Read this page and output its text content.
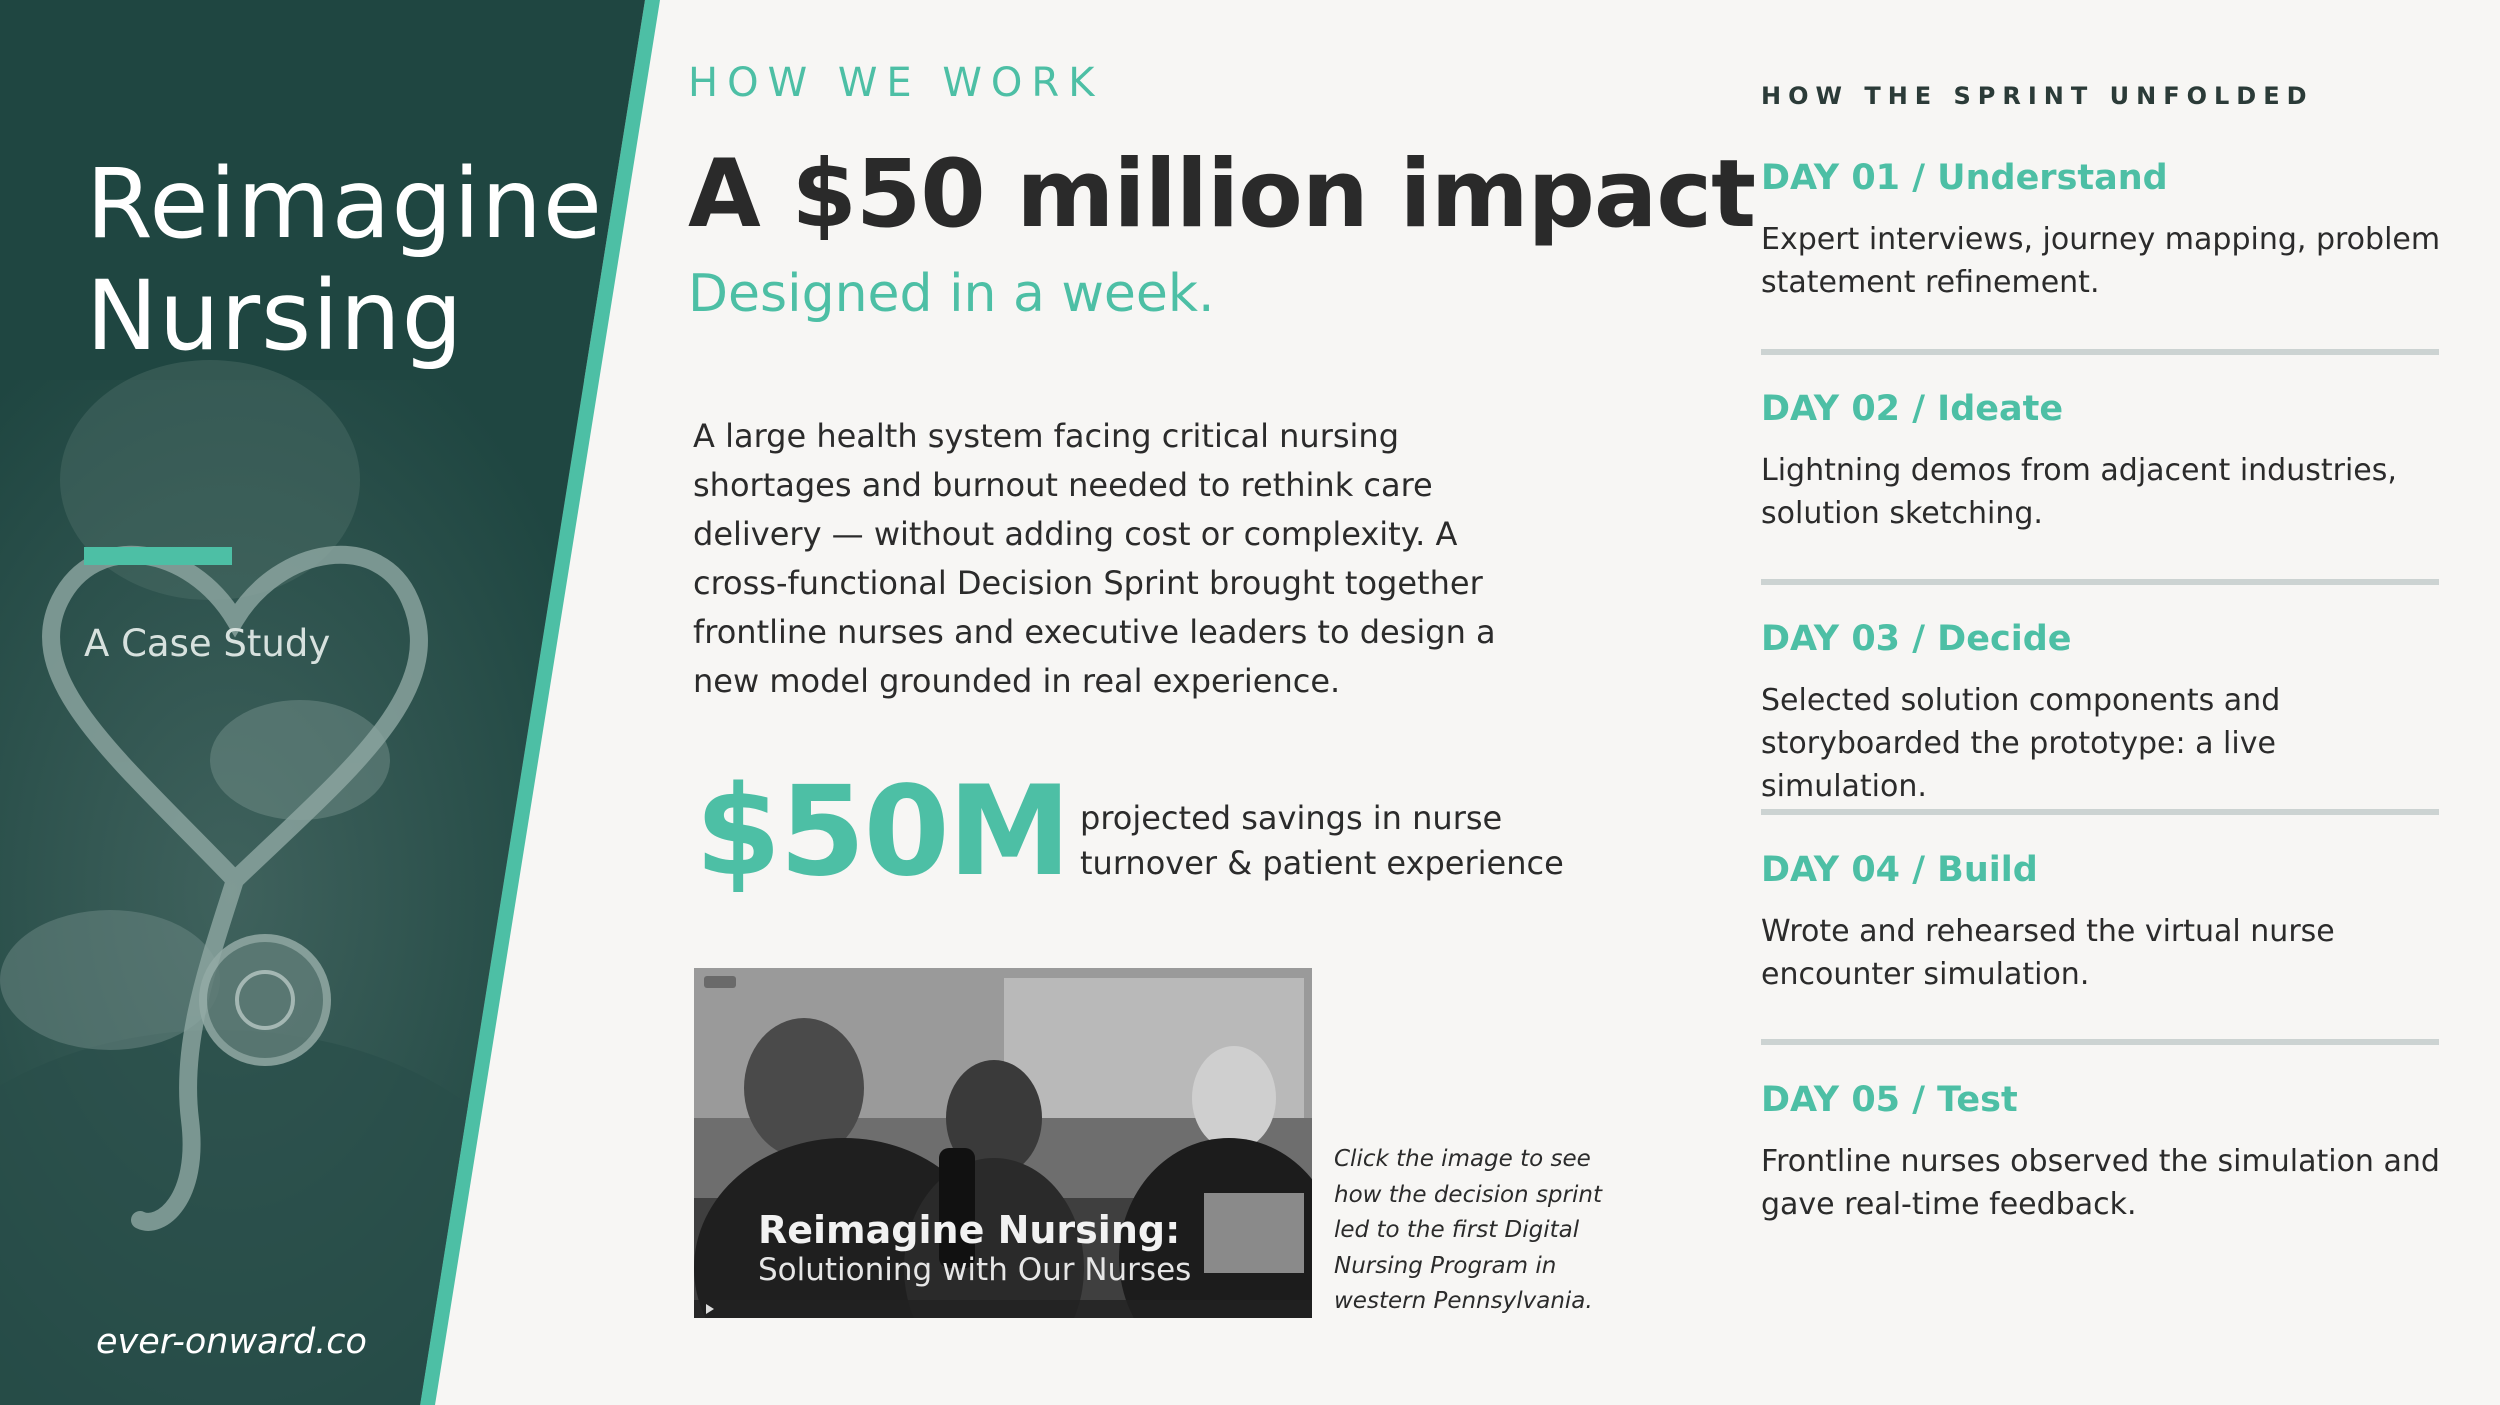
Reimagine
Nursing
A Case Study
ever-onward.co
HOW WE WORK
A $50 million impact
Designed in a week.

A large health system facing critical nursing shortages and burnout needed to rethink care delivery — without adding cost or complexity. A cross-functional Decision Sprint brought together frontline nurses and executive leaders to design a new model grounded in real experience.

$50M projected savings in nurse turnover & patient experience
Reimagine Nursing:
Solutioning with Our Nurses
Click the image to see how the decision sprint led to the first Digital Nursing Program in western Pennsylvania.
HOW THE SPRINT UNFOLDED
DAY 01 / Understand
Expert interviews, journey mapping, problem statement refinement.
DAY 02 / Ideate
Lightning demos from adjacent industries, solution sketching.
DAY 03 / Decide
Selected solution components and storyboarded the prototype: a live simulation.
DAY 04 / Build
Wrote and rehearsed the virtual nurse encounter simulation.
DAY 05 / Test
Frontline nurses observed the simulation and gave real-time feedback.
